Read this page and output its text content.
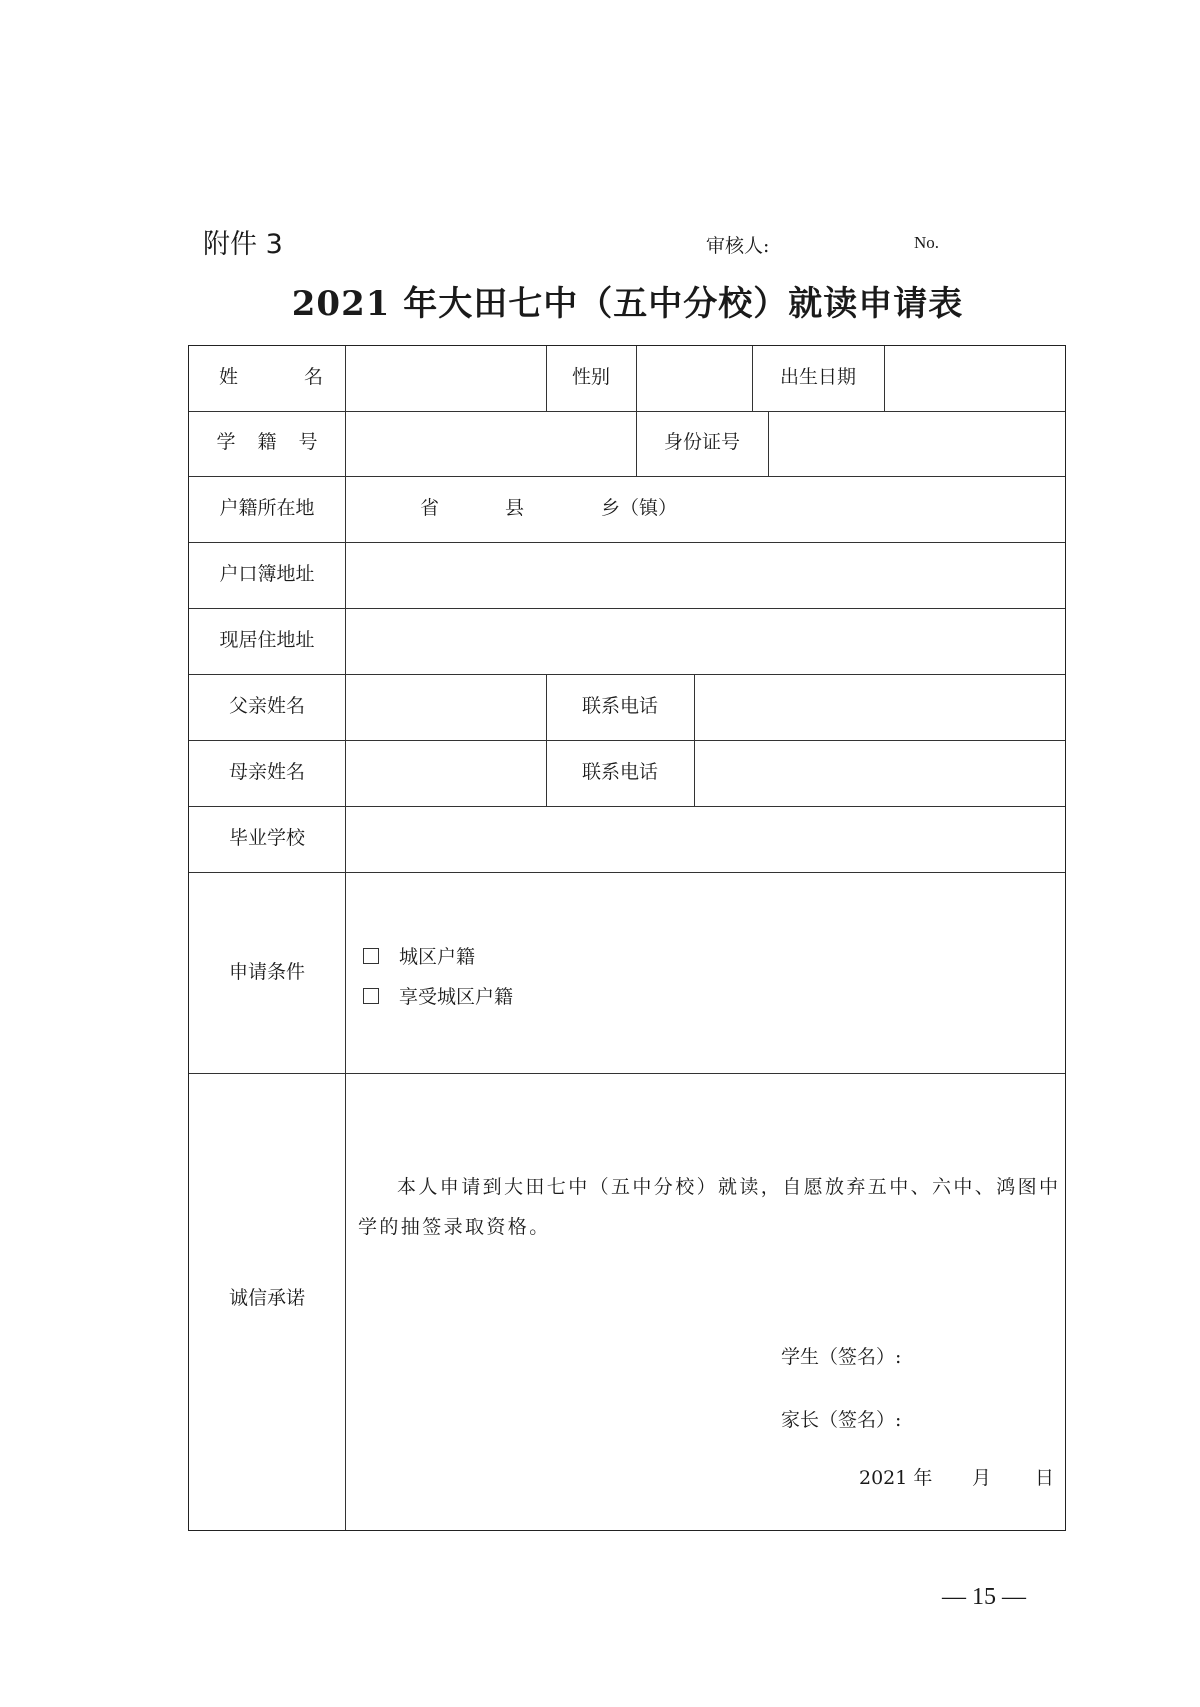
附件 3	审核人:	No.
2021 年大田七中（五中分校）就读申请表
姓 名	性别	出生日期
学 籍 号	身份证号
户籍所在地	省	县	乡（镇）
户口簿地址
现居住地址
父亲姓名	联系电话
母亲姓名	联系电话
毕业学校
申请条件
城区户籍
享受城区户籍
诚信承诺
本人申请到大田七中（五中分校）就读，自愿放弃五中、六中、鸿图中
学的抽签录取资格。
学生（签名）:
家长（签名）:
2021 年 月 日
— 15 —
